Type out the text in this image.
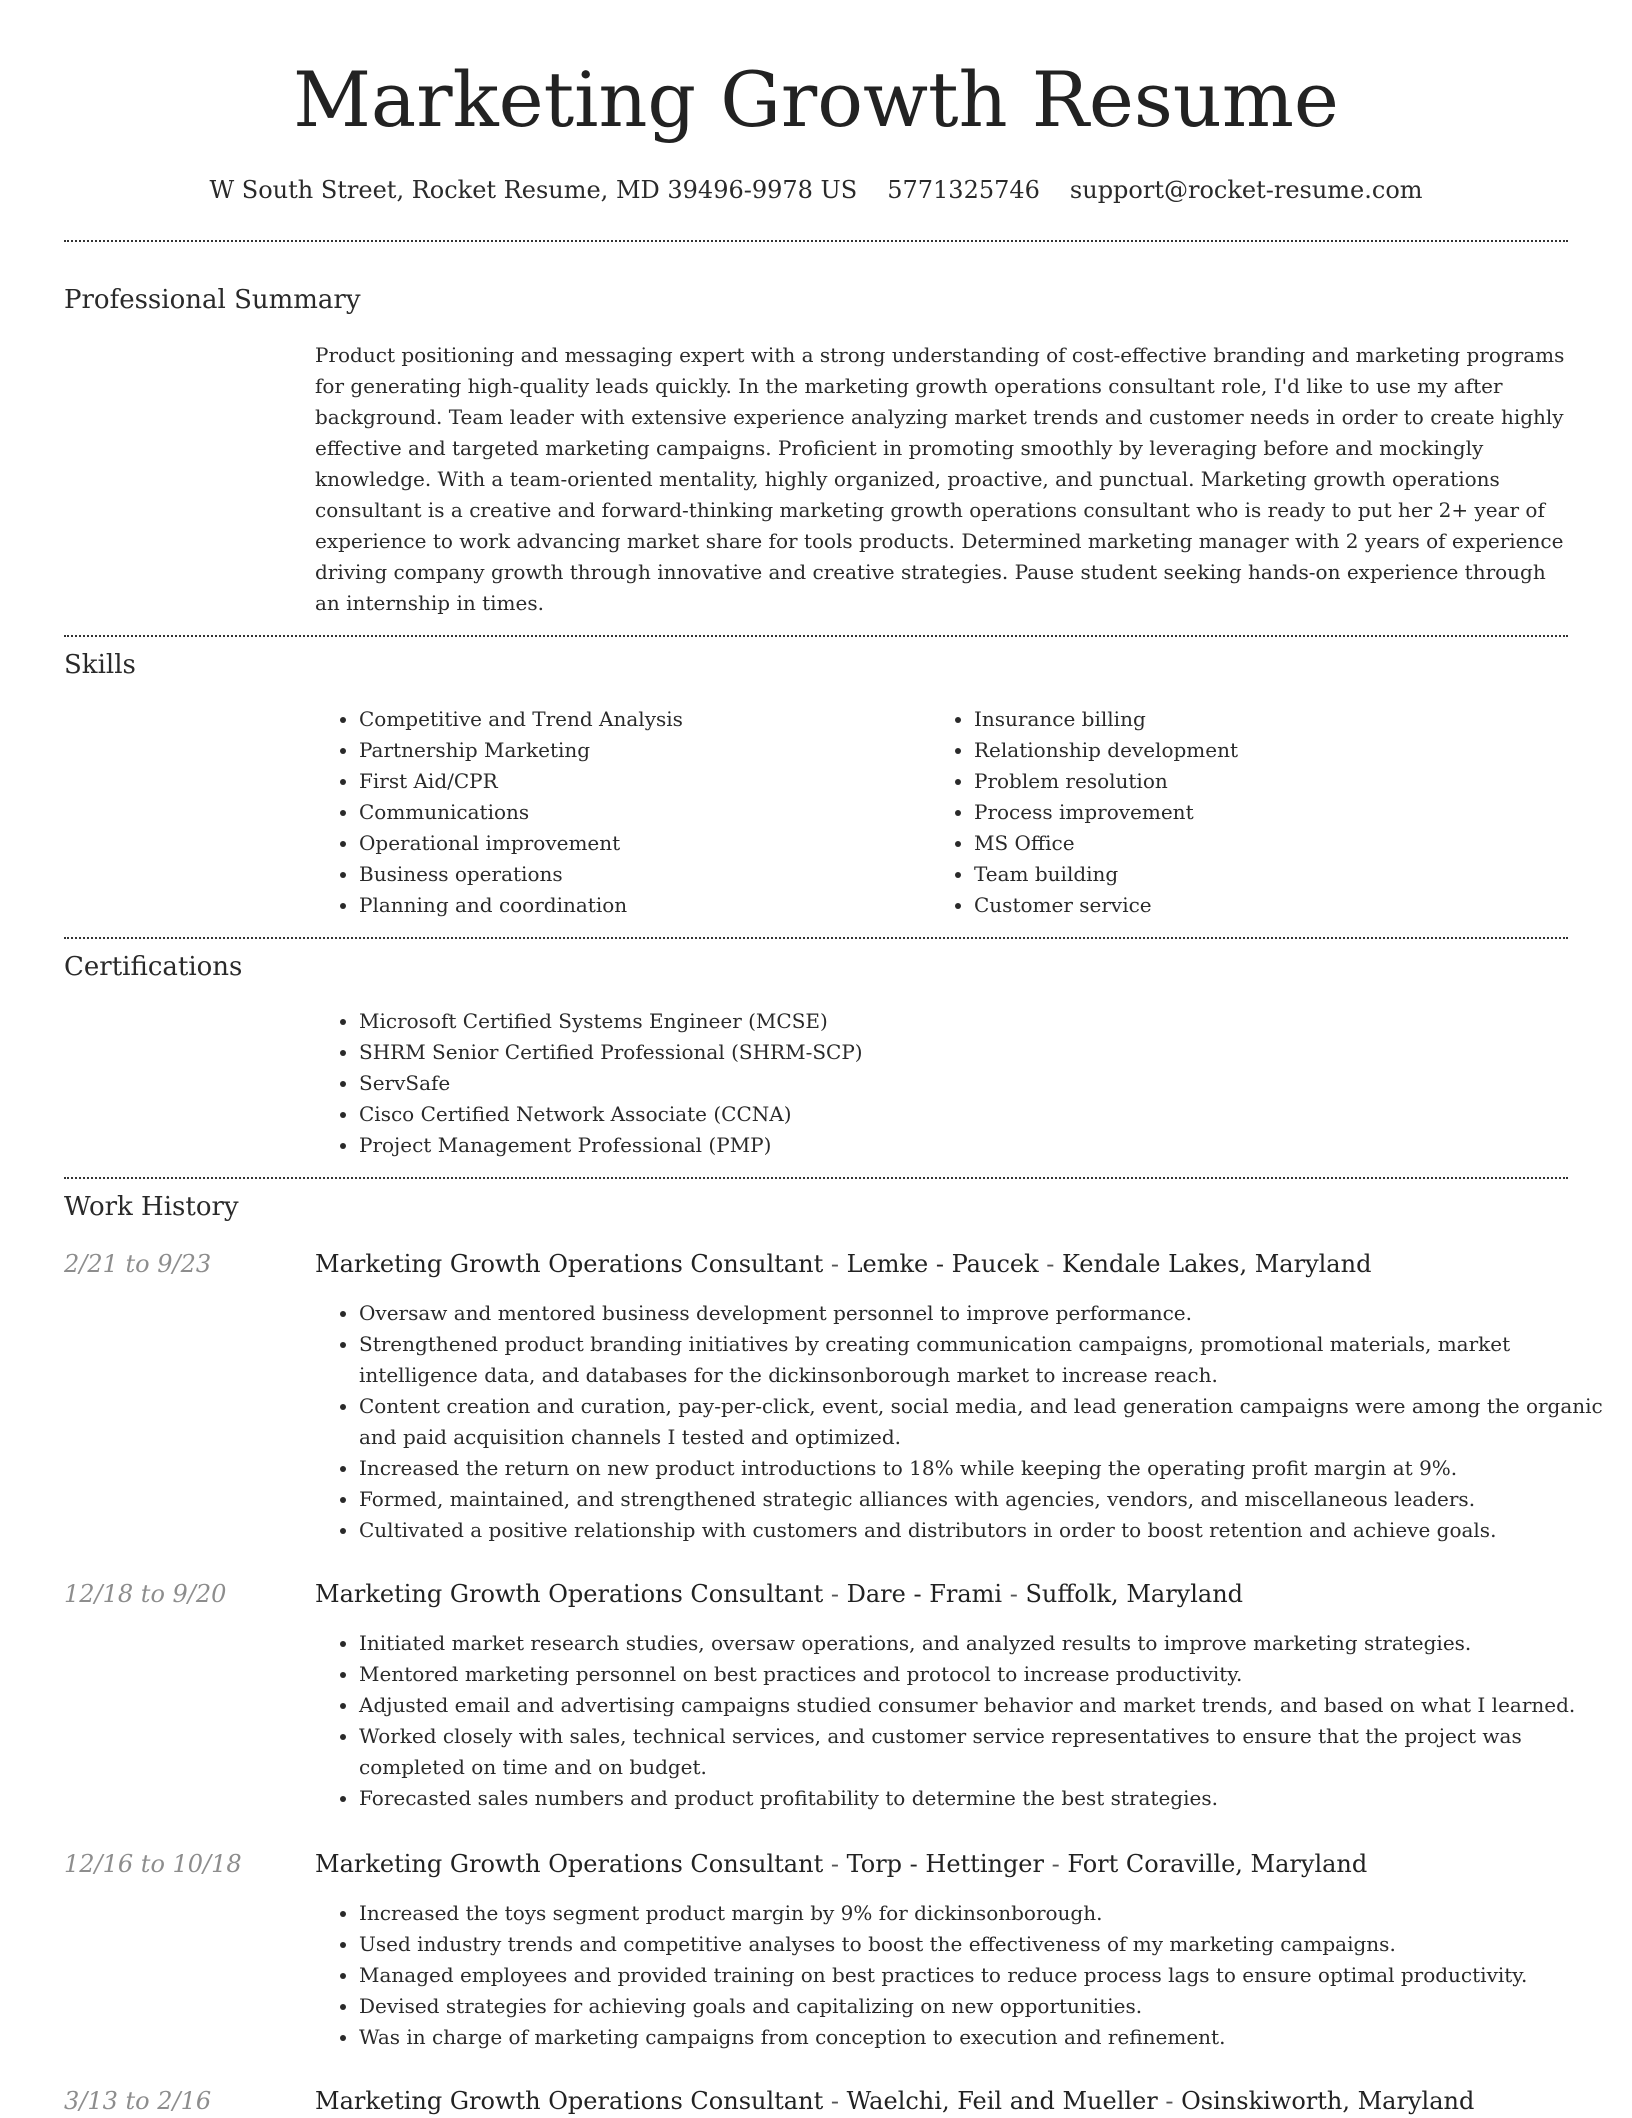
Marketing Growth Resume
W South Street, Rocket Resume, MD 39496-9978 US 5771325746 support@rocket-resume.com
Professional Summary

Product positioning and messaging expert with a strong understanding of cost-effective branding and marketing programs for generating high-quality leads quickly. In the marketing growth operations consultant role, I'd like to use my after background. Team leader with extensive experience analyzing market trends and customer needs in order to create highly effective and targeted marketing campaigns. Proficient in promoting smoothly by leveraging before and mockingly knowledge. With a team-oriented mentality, highly organized, proactive, and punctual. Marketing growth operations consultant is a creative and forward-thinking marketing growth operations consultant who is ready to put her 2+ year of experience to work advancing market share for tools products. Determined marketing manager with 2 years of experience driving company growth through innovative and creative strategies. Pause student seeking hands-on experience through an internship in times.

Skills
• Competitive and Trend Analysis
• Partnership Marketing
• First Aid/CPR
• Communications
• Operational improvement
• Business operations
• Planning and coordination
• Insurance billing
• Relationship development
• Problem resolution
• Process improvement
• MS Office
• Team building
• Customer service
Certifications
• Microsoft Certified Systems Engineer (MCSE)
• SHRM Senior Certified Professional (SHRM-SCP)
• ServSafe
• Cisco Certified Network Associate (CCNA)
• Project Management Professional (PMP)
Work History
2/21 to 9/23	Marketing Growth Operations Consultant - Lemke - Paucek - Kendale Lakes, Maryland
• Oversaw and mentored business development personnel to improve performance.
• Strengthened product branding initiatives by creating communication campaigns, promotional materials, market intelligence data, and databases for the dickinsonborough market to increase reach.
• Content creation and curation, pay-per-click, event, social media, and lead generation campaigns were among the organic and paid acquisition channels I tested and optimized.
• Increased the return on new product introductions to 18% while keeping the operating profit margin at 9%.
• Formed, maintained, and strengthened strategic alliances with agencies, vendors, and miscellaneous leaders.
• Cultivated a positive relationship with customers and distributors in order to boost retention and achieve goals.
12/18 to 9/20	Marketing Growth Operations Consultant - Dare - Frami - Suffolk, Maryland
• Initiated market research studies, oversaw operations, and analyzed results to improve marketing strategies.
• Mentored marketing personnel on best practices and protocol to increase productivity.
• Adjusted email and advertising campaigns studied consumer behavior and market trends, and based on what I learned.
• Worked closely with sales, technical services, and customer service representatives to ensure that the project was completed on time and on budget.
• Forecasted sales numbers and product profitability to determine the best strategies.
12/16 to 10/18	Marketing Growth Operations Consultant - Torp - Hettinger - Fort Coraville, Maryland
• Increased the toys segment product margin by 9% for dickinsonborough.
• Used industry trends and competitive analyses to boost the effectiveness of my marketing campaigns.
• Managed employees and provided training on best practices to reduce process lags to ensure optimal productivity.
• Devised strategies for achieving goals and capitalizing on new opportunities.
• Was in charge of marketing campaigns from conception to execution and refinement.
3/13 to 2/16	Marketing Growth Operations Consultant - Waelchi, Feil and Mueller - Osinskiworth, Maryland
